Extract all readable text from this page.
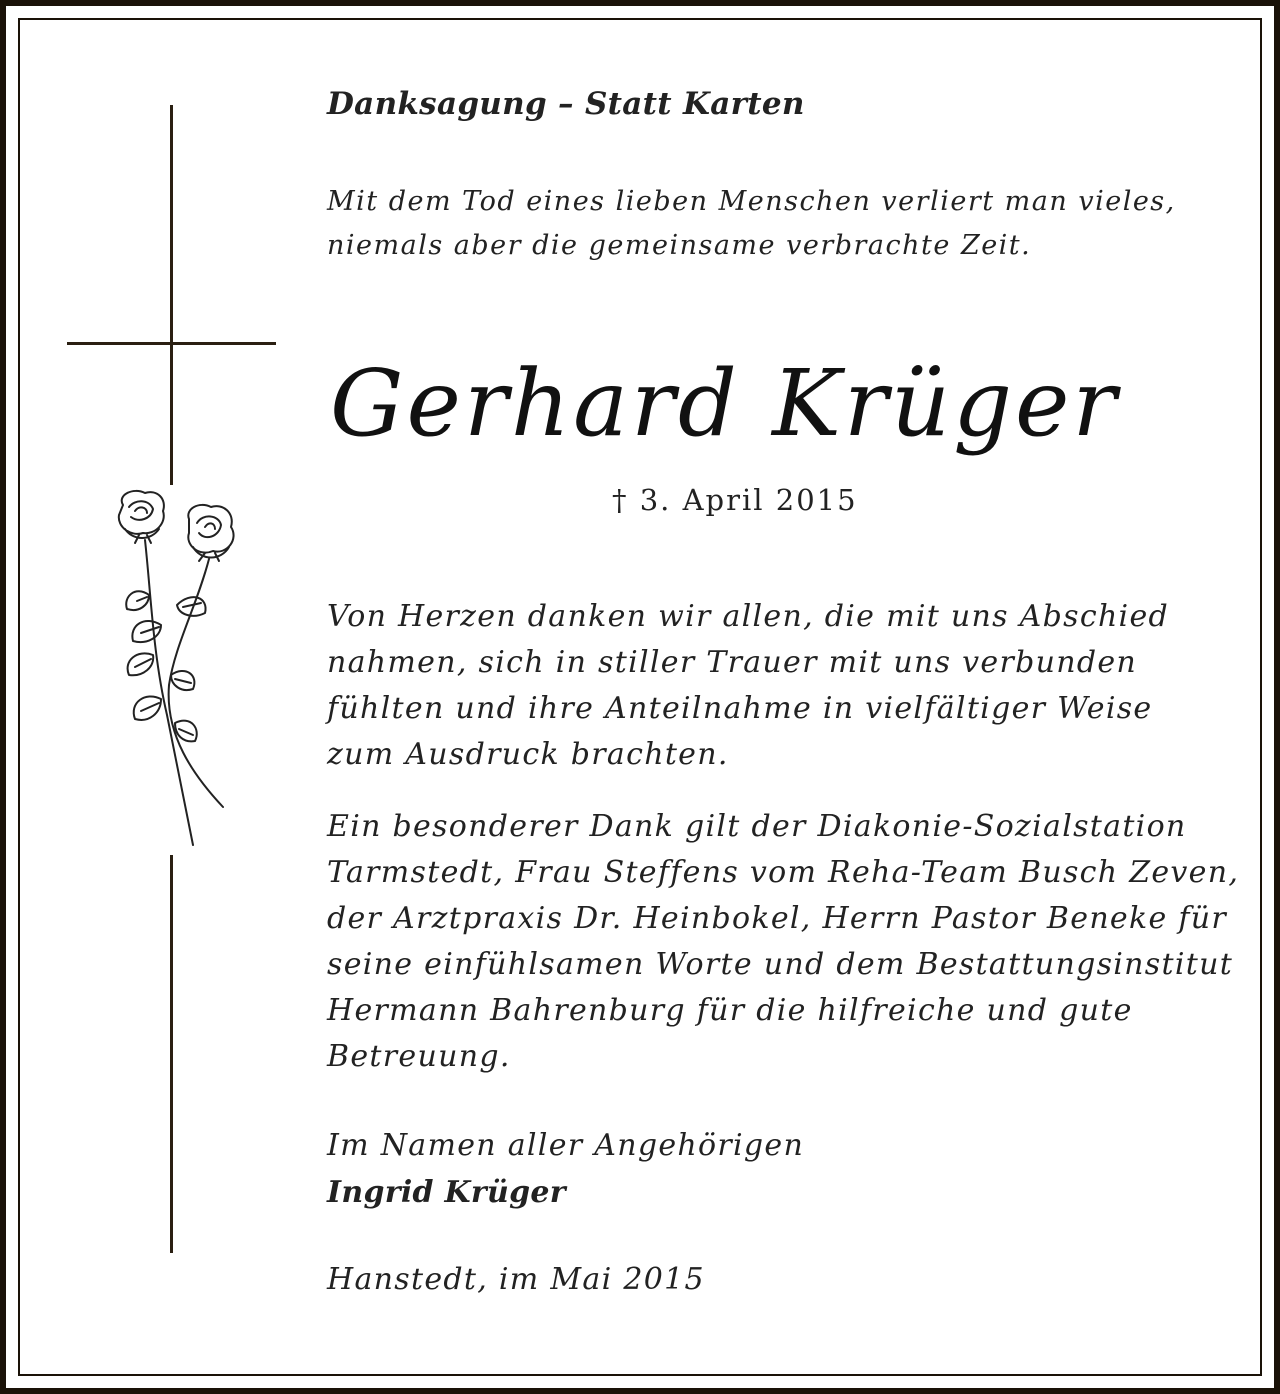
Danksagung – Statt Karten

Mit dem Tod eines lieben Menschen verliert man vieles,
niemals aber die gemeinsame verbrachte Zeit.

Gerhard Krüger

† 3. April 2015

Von Herzen danken wir allen, die mit uns Abschied
nahmen, sich in stiller Trauer mit uns verbunden
fühlten und ihre Anteilnahme in vielfältiger Weise
zum Ausdruck brachten.

Ein besonderer Dank gilt der Diakonie-Sozialstation
Tarmstedt, Frau Steffens vom Reha-Team Busch Zeven,
der Arztpraxis Dr. Heinbokel, Herrn Pastor Beneke für
seine einfühlsamen Worte und dem Bestattungsinstitut
Hermann Bahrenburg für die hilfreiche und gute
Betreuung.

Im Namen aller Angehörigen

Ingrid Krüger

Hanstedt, im Mai 2015
